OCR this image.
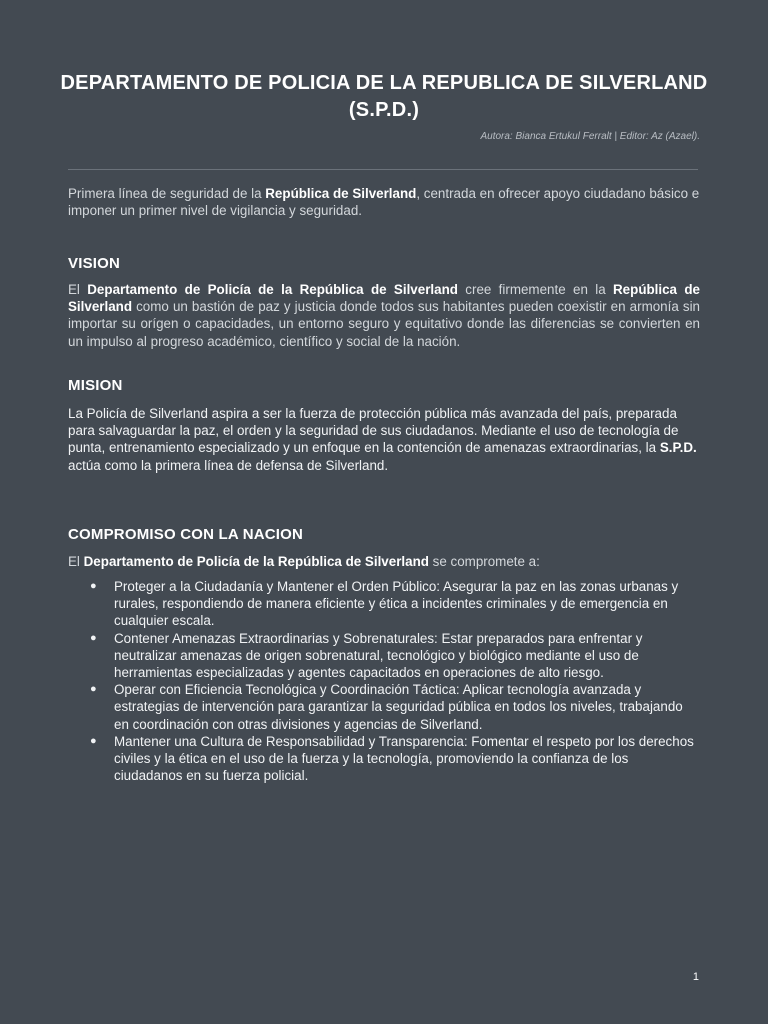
DEPARTAMENTO DE POLICIA DE LA REPUBLICA DE SILVERLAND (S.P.D.)
Autora: Bianca Ertukul Ferralt | Editor: Az (Azael).

Primera línea de seguridad de la República de Silverland, centrada en ofrecer apoyo ciudadano básico e imponer un primer nivel de vigilancia y seguridad.

VISION

El Departamento de Policía de la República de Silverland cree firmemente en la República de Silverland como un bastión de paz y justicia donde todos sus habitantes pueden coexistir en armonía sin importar su orígen o capacidades, un entorno seguro y equitativo donde las diferencias se convierten en un impulso al progreso académico, científico y social de la nación.

MISION

La Policía de Silverland aspira a ser la fuerza de protección pública más avanzada del país, preparada para salvaguardar la paz, el orden y la seguridad de sus ciudadanos. Mediante el uso de tecnología de punta, entrenamiento especializado y un enfoque en la contención de amenazas extraordinarias, la S.P.D. actúa como la primera línea de defensa de Silverland.

COMPROMISO CON LA NACION

El Departamento de Policía de la República de Silverland se compromete a:

● Proteger a la Ciudadanía y Mantener el Orden Público: Asegurar la paz en las zonas urbanas y rurales, respondiendo de manera eficiente y ética a incidentes criminales y de emergencia en cualquier escala.
● Contener Amenazas Extraordinarias y Sobrenaturales: Estar preparados para enfrentar y neutralizar amenazas de origen sobrenatural, tecnológico y biológico mediante el uso de herramientas especializadas y agentes capacitados en operaciones de alto riesgo.
● Operar con Eficiencia Tecnológica y Coordinación Táctica: Aplicar tecnología avanzada y estrategias de intervención para garantizar la seguridad pública en todos los niveles, trabajando en coordinación con otras divisiones y agencias de Silverland.
● Mantener una Cultura de Responsabilidad y Transparencia: Fomentar el respeto por los derechos civiles y la ética en el uso de la fuerza y la tecnología, promoviendo la confianza de los ciudadanos en su fuerza policial.
1
